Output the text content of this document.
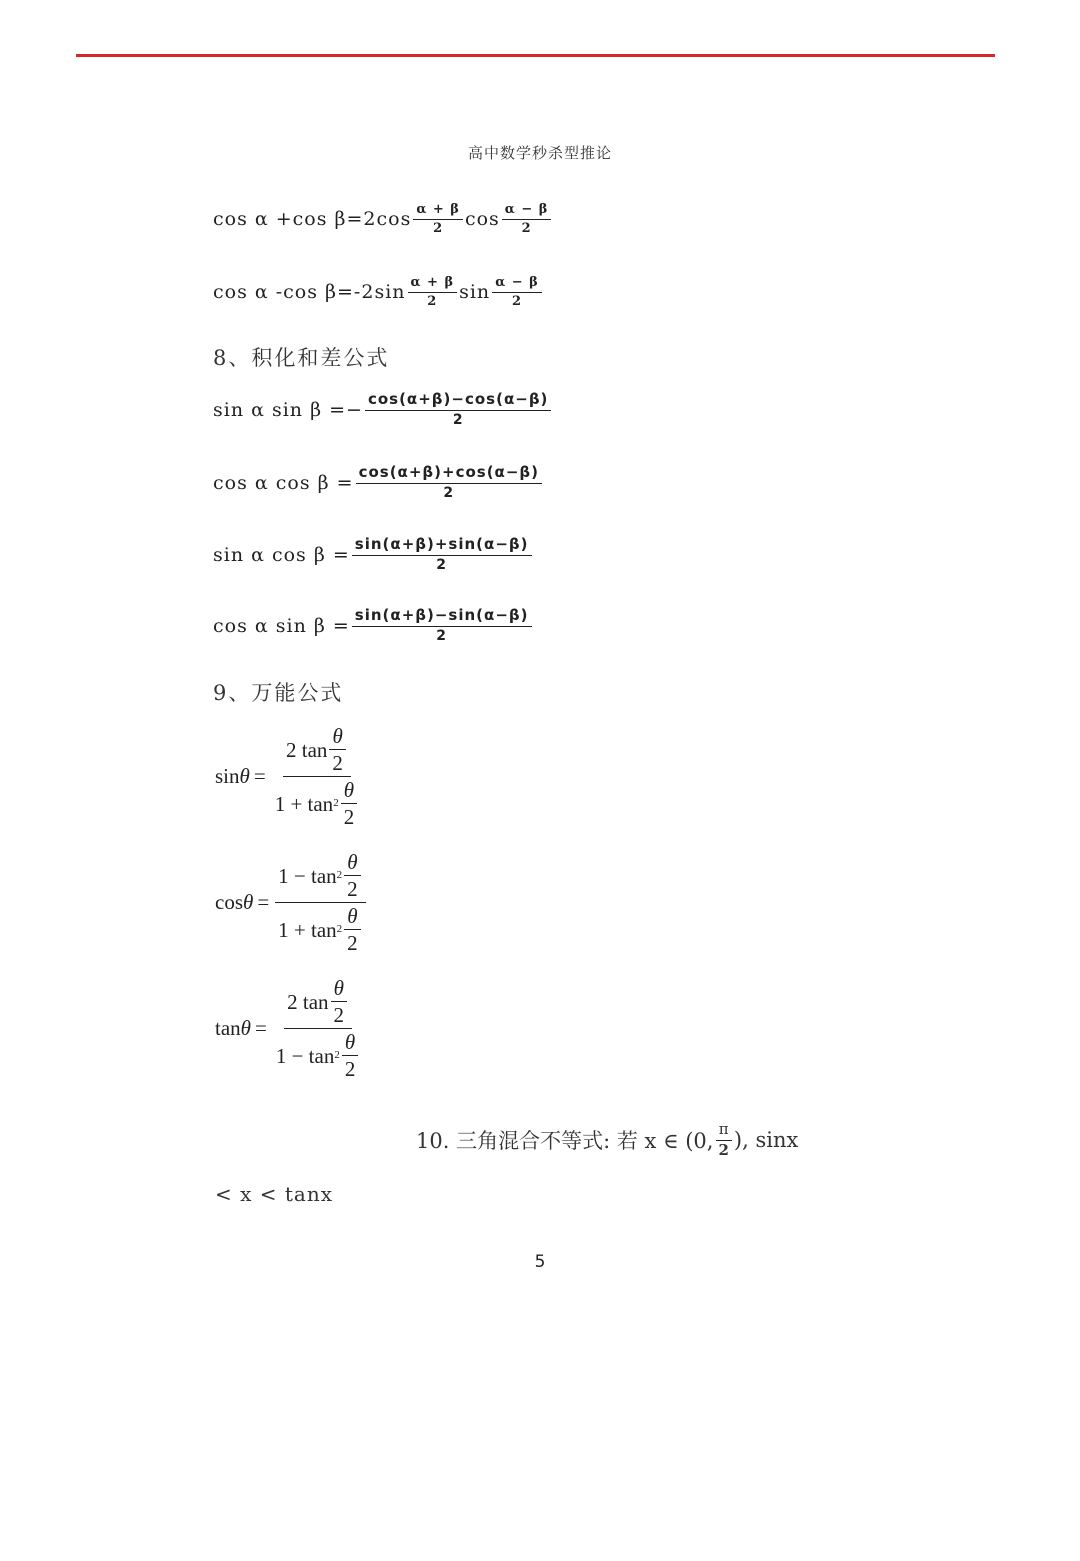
高中数学秒杀型推论
cos α +cos $\beta=2\cos \frac{\alpha + \beta}{2}$ $\cos \frac{\alpha - \beta}{2}$
cos α -cos $\beta=-2\sin \frac{\alpha + \beta}{2}$ $\sin \frac{\alpha - \beta}{2}$
8、积化和差公式
sin α $\sin \beta =- \frac{\cos(\alpha+\beta)-\cos(\alpha-\beta)}{2}$
cos α $\cos \beta = \frac{\cos(\alpha+\beta)+\cos(\alpha-\beta)}{2}$
sin α $\cos \beta = \frac{\sin(\alpha+\beta)+\sin(\alpha-\beta)}{2}$
cos α $\sin \beta = \frac{\sin(\alpha+\beta)-\sin(\alpha-\beta)}{2}$
9、万能公式
$\sin \theta = \frac{2 \tan \frac{\theta}{2}}{1 + \tan 2 \frac{\theta}{2}}$
$\cos \theta = \frac{1 - \tan 2 \frac{\theta}{2}}{1 + \tan 2 \frac{\theta}{2}}$
$\tan \theta = \frac{2 \tan \frac{\theta}{2}}{1 - \tan 2 \frac{\theta}{2}}$
10. 三角混合不等式: 若 x ∈ (0, $\frac{\pi}{2}$ ), sinx
< x < tanx
5
